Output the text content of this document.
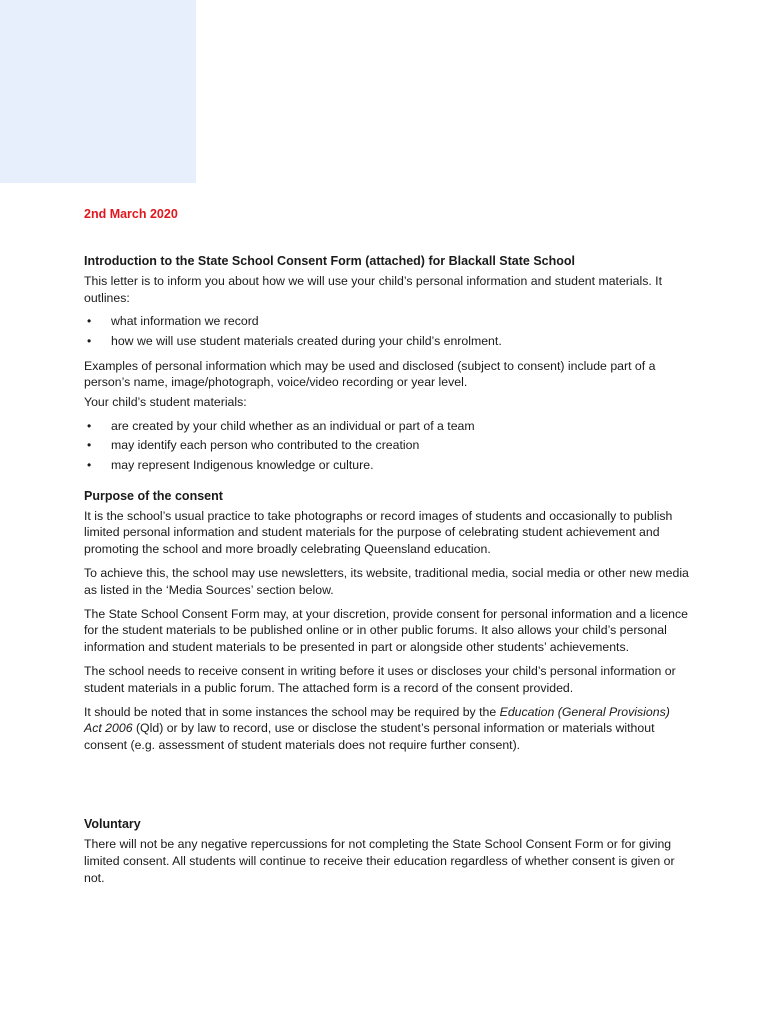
2nd March 2020
Introduction to the State School Consent Form (attached) for Blackall State School

This letter is to inform you about how we will use your child’s personal information and student materials. It outlines:

• what information we record
• how we will use student materials created during your child’s enrolment.

Examples of personal information which may be used and disclosed (subject to consent) include part of a person’s name, image/photograph, voice/video recording or year level.

Your child’s student materials:

• are created by your child whether as an individual or part of a team
• may identify each person who contributed to the creation
• may represent Indigenous knowledge or culture.
Purpose of the consent

It is the school’s usual practice to take photographs or record images of students and occasionally to publish limited personal information and student materials for the purpose of celebrating student achievement and promoting the school and more broadly celebrating Queensland education.

To achieve this, the school may use newsletters, its website, traditional media, social media or other new media as listed in the ‘Media Sources’ section below.

The State School Consent Form may, at your discretion, provide consent for personal information and a licence for the student materials to be published online or in other public forums. It also allows your child’s personal information and student materials to be presented in part or alongside other students’ achievements.

The school needs to receive consent in writing before it uses or discloses your child’s personal information or student materials in a public forum. The attached form is a record of the consent provided.

It should be noted that in some instances the school may be required by the Education (General Provisions) Act 2006 (Qld) or by law to record, use or disclose the student’s personal information or materials without consent (e.g. assessment of student materials does not require further consent).

Voluntary

There will not be any negative repercussions for not completing the State School Consent Form or for giving limited consent. All students will continue to receive their education regardless of whether consent is given or not.
